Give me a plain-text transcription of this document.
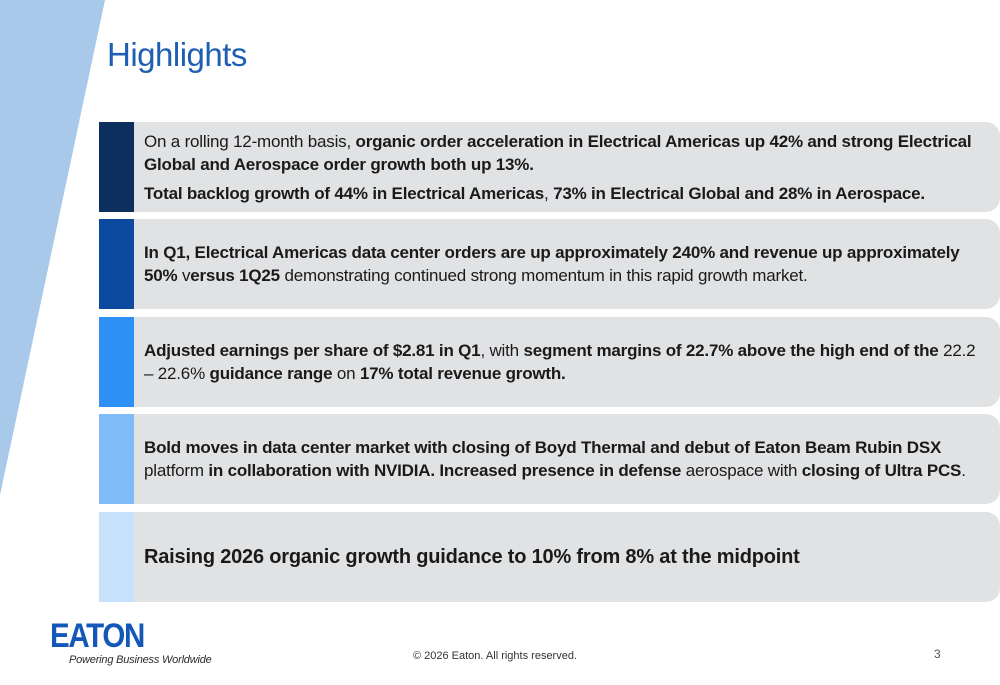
Highlights

On a rolling 12-month basis, organic order acceleration in Electrical Americas up 42% and strong Electrical Global and Aerospace order growth both up 13%.

Total backlog growth of 44% in Electrical Americas, 73% in Electrical Global and 28% in Aerospace.

In Q1, Electrical Americas data center orders are up approximately 240% and revenue up approximately 50% versus 1Q25 demonstrating continued strong momentum in this rapid growth market.

Adjusted earnings per share of $2.81 in Q1, with segment margins of 22.7% above the high end of the 22.2 – 22.6% guidance range on 17% total revenue growth.

Bold moves in data center market with closing of Boyd Thermal and debut of Eaton Beam Rubin DSX platform in collaboration with NVIDIA. Increased presence in defense aerospace with closing of Ultra PCS.

Raising 2026 organic growth guidance to 10% from 8% at the midpoint

EATON
Powering Business Worldwide	© 2026 Eaton. All rights reserved.	3
